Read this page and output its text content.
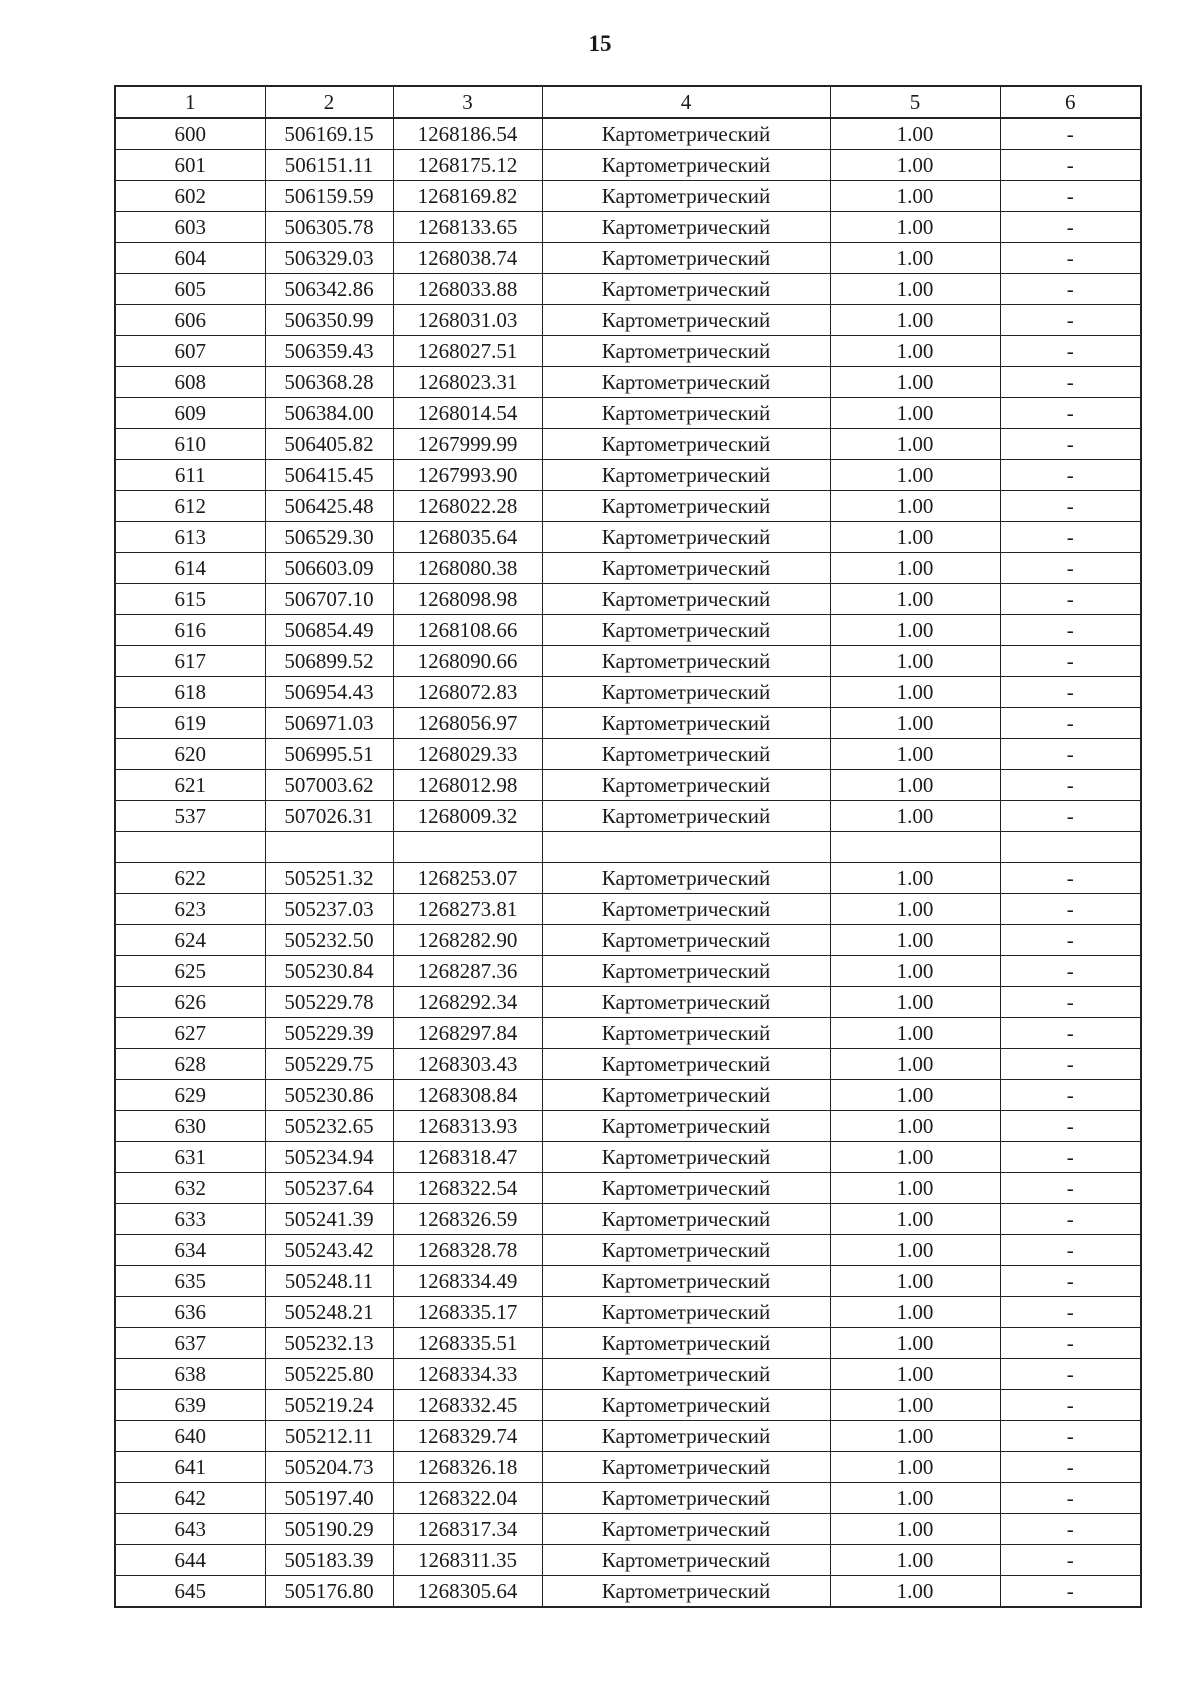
15
1	2	3	4	5	6
600	506169.15	1268186.54	Картометрический	1.00	-
601	506151.11	1268175.12	Картометрический	1.00	-
602	506159.59	1268169.82	Картометрический	1.00	-
603	506305.78	1268133.65	Картометрический	1.00	-
604	506329.03	1268038.74	Картометрический	1.00	-
605	506342.86	1268033.88	Картометрический	1.00	-
606	506350.99	1268031.03	Картометрический	1.00	-
607	506359.43	1268027.51	Картометрический	1.00	-
608	506368.28	1268023.31	Картометрический	1.00	-
609	506384.00	1268014.54	Картометрический	1.00	-
610	506405.82	1267999.99	Картометрический	1.00	-
611	506415.45	1267993.90	Картометрический	1.00	-
612	506425.48	1268022.28	Картометрический	1.00	-
613	506529.30	1268035.64	Картометрический	1.00	-
614	506603.09	1268080.38	Картометрический	1.00	-
615	506707.10	1268098.98	Картометрический	1.00	-
616	506854.49	1268108.66	Картометрический	1.00	-
617	506899.52	1268090.66	Картометрический	1.00	-
618	506954.43	1268072.83	Картометрический	1.00	-
619	506971.03	1268056.97	Картометрический	1.00	-
620	506995.51	1268029.33	Картометрический	1.00	-
621	507003.62	1268012.98	Картометрический	1.00	-
537	507026.31	1268009.32	Картометрический	1.00	-

622	505251.32	1268253.07	Картометрический	1.00	-
623	505237.03	1268273.81	Картометрический	1.00	-
624	505232.50	1268282.90	Картометрический	1.00	-
625	505230.84	1268287.36	Картометрический	1.00	-
626	505229.78	1268292.34	Картометрический	1.00	-
627	505229.39	1268297.84	Картометрический	1.00	-
628	505229.75	1268303.43	Картометрический	1.00	-
629	505230.86	1268308.84	Картометрический	1.00	-
630	505232.65	1268313.93	Картометрический	1.00	-
631	505234.94	1268318.47	Картометрический	1.00	-
632	505237.64	1268322.54	Картометрический	1.00	-
633	505241.39	1268326.59	Картометрический	1.00	-
634	505243.42	1268328.78	Картометрический	1.00	-
635	505248.11	1268334.49	Картометрический	1.00	-
636	505248.21	1268335.17	Картометрический	1.00	-
637	505232.13	1268335.51	Картометрический	1.00	-
638	505225.80	1268334.33	Картометрический	1.00	-
639	505219.24	1268332.45	Картометрический	1.00	-
640	505212.11	1268329.74	Картометрический	1.00	-
641	505204.73	1268326.18	Картометрический	1.00	-
642	505197.40	1268322.04	Картометрический	1.00	-
643	505190.29	1268317.34	Картометрический	1.00	-
644	505183.39	1268311.35	Картометрический	1.00	-
645	505176.80	1268305.64	Картометрический	1.00	-
